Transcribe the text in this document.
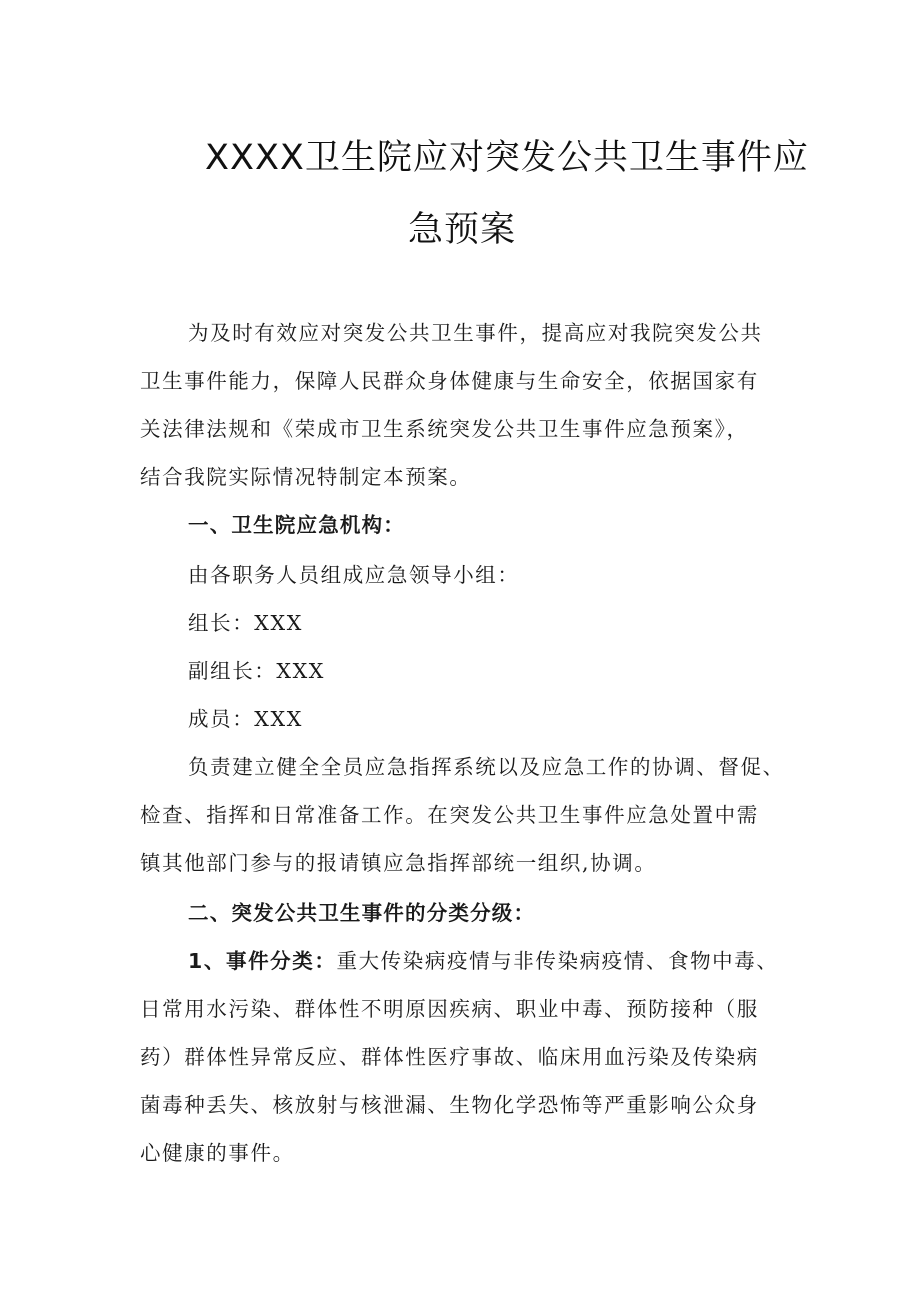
XXXX卫生院应对突发公共卫生事件应
急预案

为及时有效应对突发公共卫生事件，提高应对我院突发公共

卫生事件能力，保障人民群众身体健康与生命安全，依据国家有

关法律法规和《荣成市卫生系统突发公共卫生事件应急预案》，

结合我院实际情况特制定本预案。

一、卫生院应急机构：

由各职务人员组成应急领导小组：

组长：XXX

副组长：XXX

成员：XXX

负责建立健全全员应急指挥系统以及应急工作的协调、督促、

检查、指挥和日常准备工作。在突发公共卫生事件应急处置中需

镇其他部门参与的报请镇应急指挥部统一组织,协调。

二、突发公共卫生事件的分类分级：

1、事件分类：重大传染病疫情与非传染病疫情、食物中毒、

日常用水污染、群体性不明原因疾病、职业中毒、预防接种（服

药）群体性异常反应、群体性医疗事故、临床用血污染及传染病

菌毒种丢失、核放射与核泄漏、生物化学恐怖等严重影响公众身

心健康的事件。
